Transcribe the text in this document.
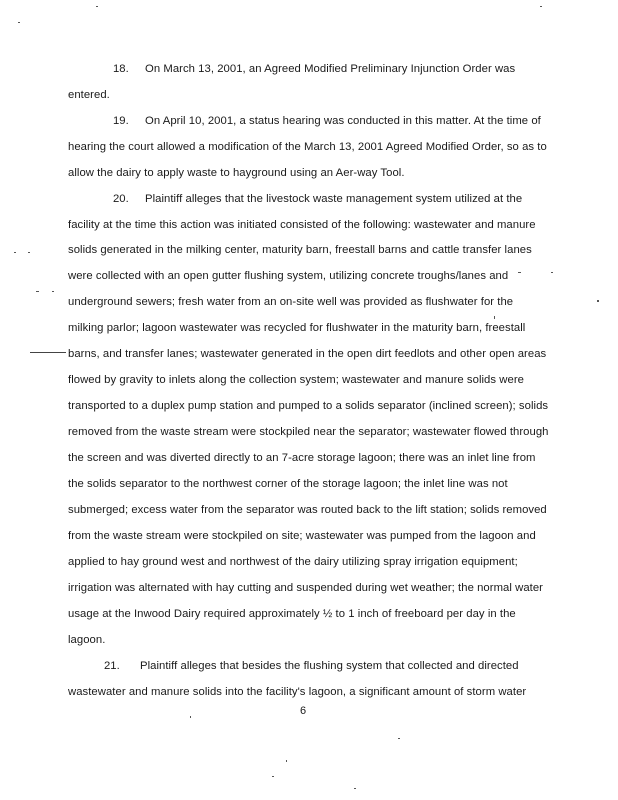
18. On March 13, 2001, an Agreed Modified Preliminary Injunction Order was
entered.
19. On April 10, 2001, a status hearing was conducted in this matter. At the time of
hearing the court allowed a modification of the March 13, 2001 Agreed Modified Order, so as to
allow the dairy to apply waste to hayground using an Aer-way Tool.
20. Plaintiff alleges that the livestock waste management system utilized at the
facility at the time this action was initiated consisted of the following: wastewater and manure
solids generated in the milking center, maturity barn, freestall barns and cattle transfer lanes
were collected with an open gutter flushing system, utilizing concrete troughs/lanes and
underground sewers; fresh water from an on-site well was provided as flushwater for the
milking parlor; lagoon wastewater was recycled for flushwater in the maturity barn, freestall
barns, and transfer lanes; wastewater generated in the open dirt feedlots and other open areas
flowed by gravity to inlets along the collection system; wastewater and manure solids were
transported to a duplex pump station and pumped to a solids separator (inclined screen); solids
removed from the waste stream were stockpiled near the separator; wastewater flowed through
the screen and was diverted directly to an 7-acre storage lagoon; there was an inlet line from
the solids separator to the northwest corner of the storage lagoon; the inlet line was not
submerged; excess water from the separator was routed back to the lift station; solids removed
from the waste stream were stockpiled on site; wastewater was pumped from the lagoon and
applied to hay ground west and northwest of the dairy utilizing spray irrigation equipment;
irrigation was alternated with hay cutting and suspended during wet weather; the normal water
usage at the Inwood Dairy required approximately ½ to 1 inch of freeboard per day in the
lagoon.
21. Plaintiff alleges that besides the flushing system that collected and directed
wastewater and manure solids into the facility's lagoon, a significant amount of storm water
6
